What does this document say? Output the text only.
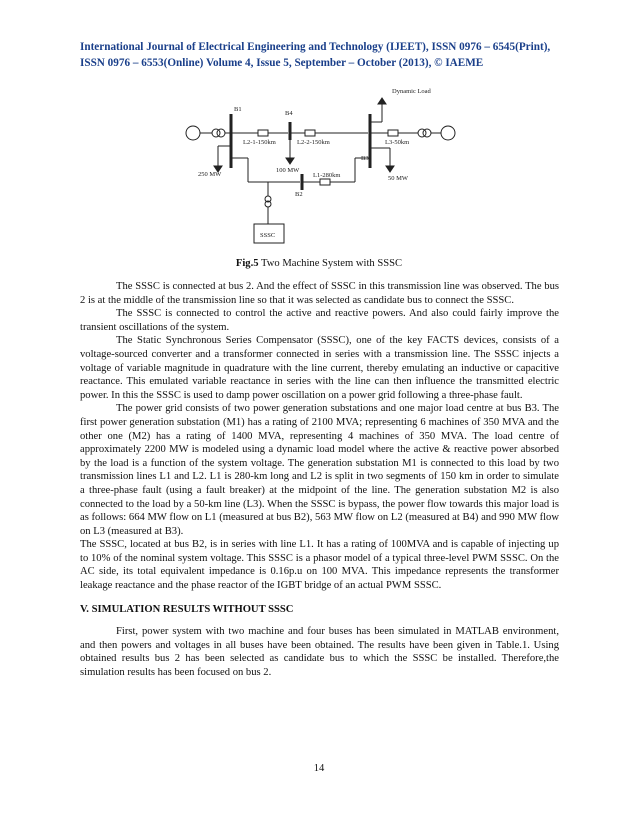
International Journal of Electrical Engineering and Technology (IJEET), ISSN 0976 – 6545(Print),
ISSN 0976 – 6553(Online) Volume 4, Issue 5, September – October (2013), © IAEME
Dynamic Load
B1
B4
B3
B2
L2-1-150km	L2-2-150km	L3-50km
L1-280km
250 MW
100 MW
50 MW
SSSC
Fig.5 Two Machine System with SSSC

The SSSC is connected at bus 2. And the effect of SSSC in this transmission line was observed. The bus 2 is at the middle of the transmission line so that it was selected as candidate bus to connect the SSSC.

The SSSC is connected to control the active and reactive powers. And also could fairly improve the transient oscillations of the system.

The Static Synchronous Series Compensator (SSSC), one of the key FACTS devices, consists of a voltage-sourced converter and a transformer connected in series with a transmission line. The SSSC injects a voltage of variable magnitude in quadrature with the line current, thereby emulating an inductive or capacitive reactance. This emulated variable reactance in series with the line can then influence the transmitted electric power. In this the SSSC is used to damp power oscillation on a power grid following a three-phase fault.

The power grid consists of two power generation substations and one major load centre at bus B3. The first power generation substation (M1) has a rating of 2100 MVA; representing 6 machines of 350 MVA and the other one (M2) has a rating of 1400 MVA, representing 4 machines of 350 MVA. The load centre of approximately 2200 MW is modeled using a dynamic load model where the active & reactive power absorbed by the load is a function of the system voltage. The generation substation M1 is connected to this load by two transmission lines L1 and L2. L1 is 280-km long and L2 is split in two segments of 150 km in order to simulate a three-phase fault (using a fault breaker) at the midpoint of the line. The generation substation M2 is also connected to the load by a 50-km line (L3). When the SSSC is bypass, the power flow towards this major load is as follows: 664 MW flow on L1 (measured at bus B2), 563 MW flow on L2 (measured at B4) and 990 MW flow on L3 (measured at B3).

The SSSC, located at bus B2, is in series with line L1. It has a rating of 100MVA and is capable of injecting up to 10% of the nominal system voltage. This SSSC is a phasor model of a typical three-level PWM SSSC. On the AC side, its total equivalent impedance is 0.16p.u on 100 MVA. This impedance represents the transformer leakage reactance and the phase reactor of the IGBT bridge of an actual PWM SSSC.

V. SIMULATION RESULTS WITHOUT SSSC

First, power system with two machine and four buses has been simulated in MATLAB environment, and then powers and voltages in all buses have been obtained. The results have been given in Table.1. Using obtained results bus 2 has been selected as candidate bus to which the SSSC be installed. Therefore,the simulation results has been focused on bus 2.

14
